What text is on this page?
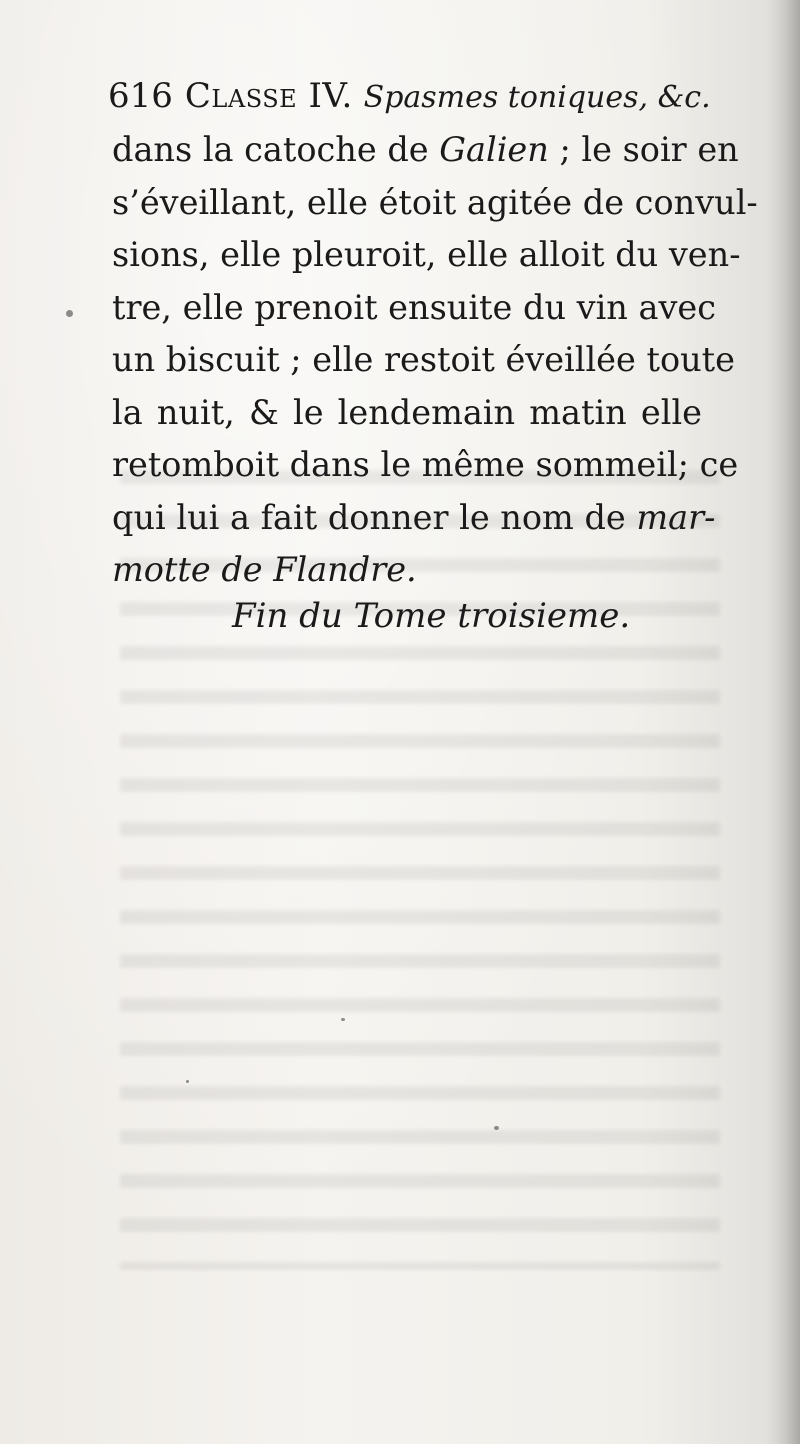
616 Classe IV. Spasmes toniques, &c.
dans la catoche de Galien ; le soir en
s’éveillant, elle étoit agitée de convul-
sions, elle pleuroit, elle alloit du ven-
tre, elle prenoit ensuite du vin avec
un biscuit ; elle restoit éveillée toute
la nuit, & le lendemain matin elle
retomboit dans le même sommeil; ce
qui lui a fait donner le nom de mar-
motte de Flandre.
Fin du Tome troisieme.
